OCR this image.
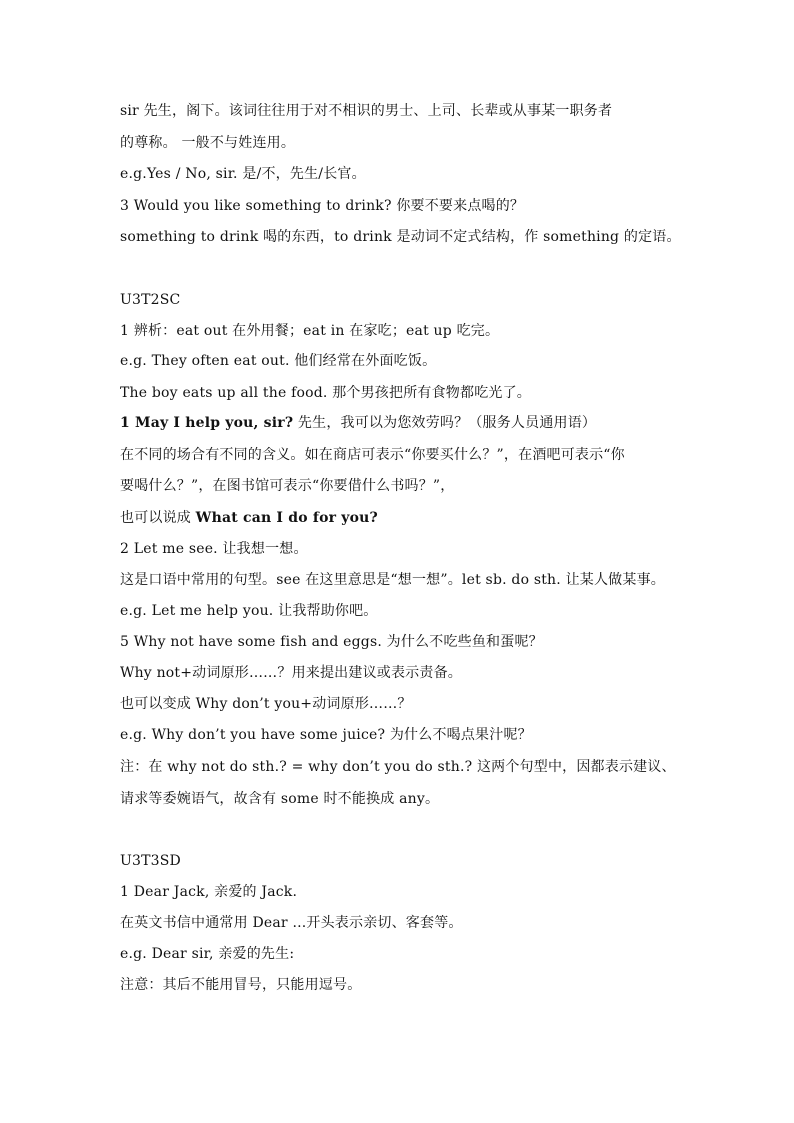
sir 先生，阁下。该词往往用于对不相识的男士、上司、长辈或从事某一职务者
的尊称。 一般不与姓连用。
e.g.Yes / No, sir. 是/不，先生/长官。
3 Would you like something to drink? 你要不要来点喝的？
something to drink 喝的东西，to drink 是动词不定式结构，作 something 的定语。
U3T2SC
1 辨析：eat out 在外用餐；eat in 在家吃；eat up 吃完。
e.g. They often eat out. 他们经常在外面吃饭。
The boy eats up all the food. 那个男孩把所有食物都吃光了。
1 May I help you, sir? 先生，我可以为您效劳吗？（服务人员通用语）
在不同的场合有不同的含义。如在商店可表示“你要买什么？”，在酒吧可表示“你
要喝什么？”，在图书馆可表示“你要借什么书吗？”，
也可以说成 What can I do for you?
2 Let me see. 让我想一想。
这是口语中常用的句型。see 在这里意思是“想一想”。let sb. do sth. 让某人做某事。
e.g. Let me help you. 让我帮助你吧。
5 Why not have some fish and eggs. 为什么不吃些鱼和蛋呢？
Why not+动词原形……？用来提出建议或表示责备。
也可以变成 Why don’t you+动词原形……？
e.g. Why don’t you have some juice? 为什么不喝点果汁呢？
注：在 why not do sth.? = why don’t you do sth.? 这两个句型中，因都表示建议、
请求等委婉语气，故含有 some 时不能换成 any。
U3T3SD
1 Dear Jack, 亲爱的 Jack.
在英文书信中通常用 Dear ...开头表示亲切、客套等。
e.g. Dear sir, 亲爱的先生:
注意：其后不能用冒号，只能用逗号。
